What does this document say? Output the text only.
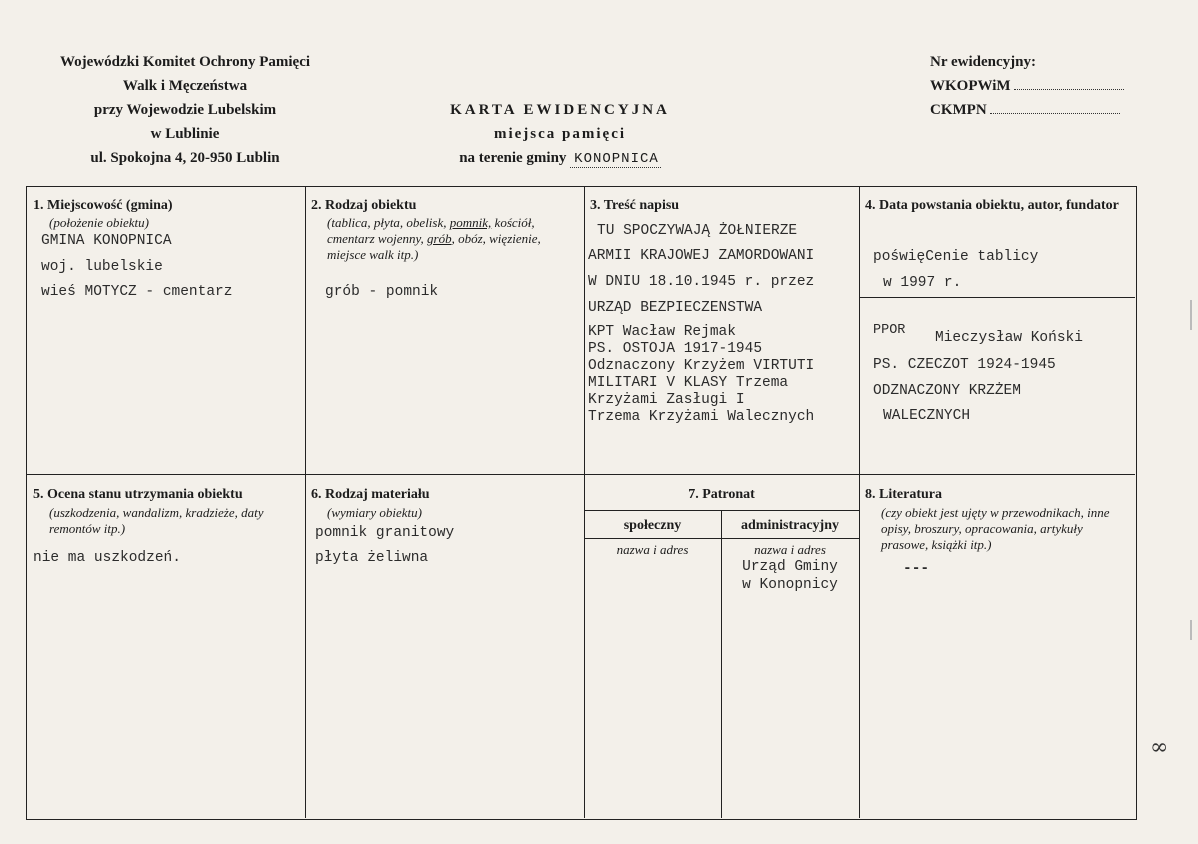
Wojewódzki Komitet Ochrony Pamięci
Walk i Męczeństwa
przy Wojewodzie Lubelskim
w Lublinie
ul. Spokojna 4, 20-950 Lublin
KARTA EWIDENCYJNA
miejsca pamięci
na terenie gminy KONOPNICA
Nr ewidencyjny:
WKOPWiM
CKMPN
1. Miejscowość (gmina)
(położenie obiektu)
GMINA KONOPNICA
woj. lubelskie
wieś MOTYCZ - cmentarz
2. Rodzaj obiektu
(tablica, płyta, obelisk, pomnik, kościół, cmentarz wojenny, grób, obóz, więzienie, miejsce walk itp.)
grób - pomnik
3. Treść napisu
TU SPOCZYWAJĄ ŻOŁNIERZE
ARMII KRAJOWEJ ZAMORDOWANI
W DNIU 18.10.1945 r. przez
URZĄD BEZPIECZENSTWA
KPT Wacław Rejmak
PS. OSTOJA 1917-1945
Odznaczony Krzyżem VIRTUTI
MILITARI V KLASY Trzema
Krzyżami Zasługi I
Trzema Krzyżami Walecznych
4. Data powstania obiektu, autor, fundator
poświęCenie tablicy
w 1997 r.
PPOR Mieczysław Koński
PS. CZECZOT 1924-1945
ODZNACZONY KRZŻEM
WALECZNYCH
5. Ocena stanu utrzymania obiektu
(uszkodzenia, wandalizm, kradzieże, daty remontów itp.)
nie ma uszkodzeń.
6. Rodzaj materiału
(wymiary obiektu)
pomnik granitowy
płyta żeliwna
7. Patronat
społeczny	administracyjny
nazwa i adres	nazwa i adres
Urząd Gminy
w Konopnicy
8. Literatura
(czy obiekt jest ujęty w przewodnikach, inne opisy, broszury, opracowania, artykuły prasowe, książki itp.)
---
∞
